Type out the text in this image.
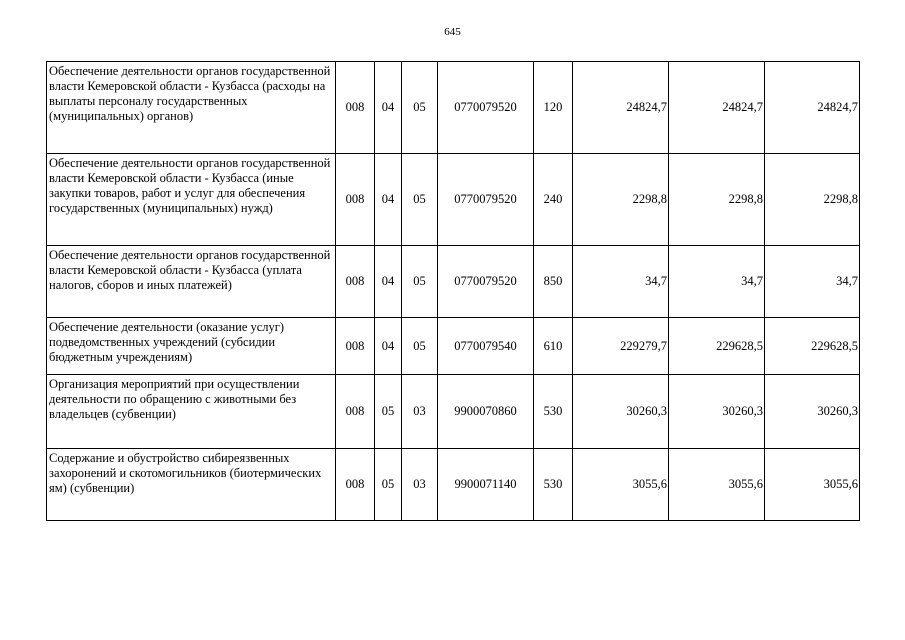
645
Обеспечение деятельности органов государственной власти Кемеровской области - Кузбасса (расходы на выплаты персоналу государственных (муниципальных) органов)	008	04	05	0770079520	120	24824,7	24824,7	24824,7
Обеспечение деятельности органов государственной власти Кемеровской области - Кузбасса (иные закупки товаров, работ и услуг для обеспечения государственных (муниципальных) нужд)	008	04	05	0770079520	240	2298,8	2298,8	2298,8
Обеспечение деятельности органов государственной власти Кемеровской области - Кузбасса (уплата налогов, сборов и иных платежей)	008	04	05	0770079520	850	34,7	34,7	34,7
Обеспечение деятельности (оказание услуг) подведомственных учреждений (субсидии бюджетным учреждениям)	008	04	05	0770079540	610	229279,7	229628,5	229628,5
Организация мероприятий при осуществлении деятельности по обращению с животными без владельцев (субвенции)	008	05	03	9900070860	530	30260,3	30260,3	30260,3
Содержание и обустройство сибиреязвенных захоронений и скотомогильников (биотермических ям) (субвенции)	008	05	03	9900071140	530	3055,6	3055,6	3055,6
